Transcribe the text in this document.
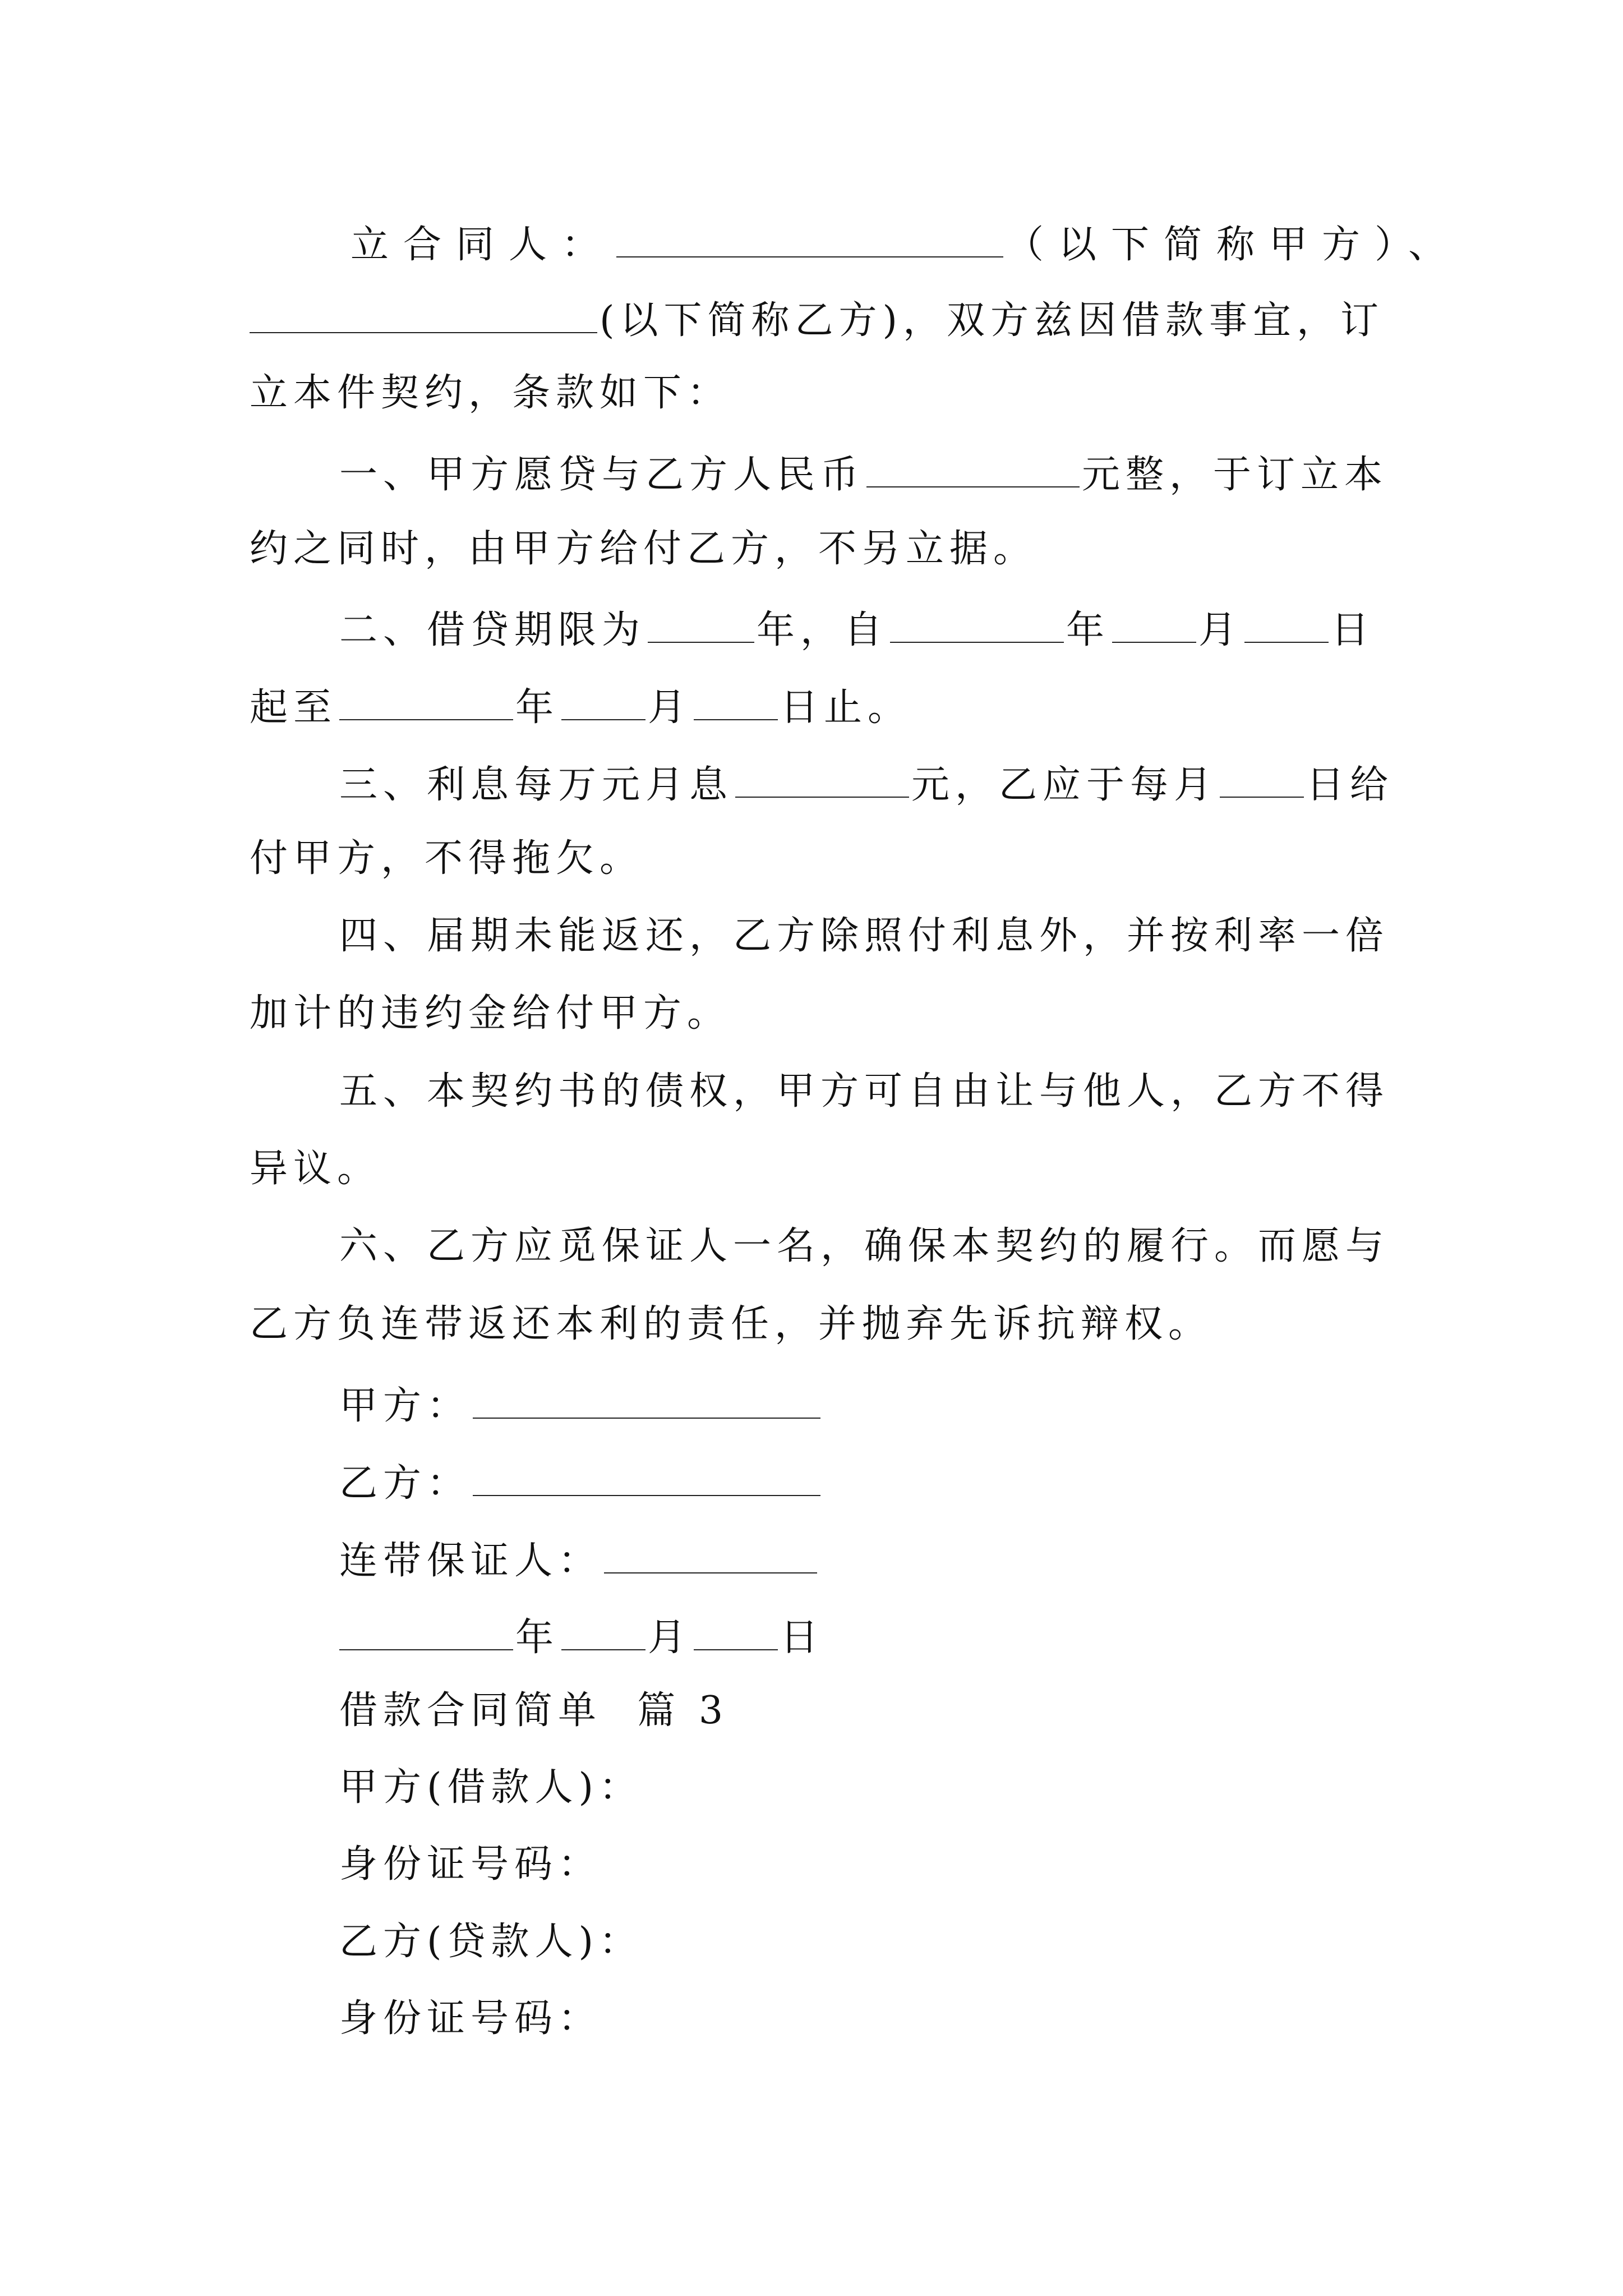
立合同人：	（以下简称甲方）、
(以下简称乙方)，双方兹因借款事宜，订
立本件契约，条款如下：
一、甲方愿贷与乙方人民币	元整，于订立本
约之同时，由甲方给付乙方，不另立据。
二、借贷期限为	年，自	年 月 日
起至	年 月 日止。
三、利息每万元月息	元，乙应于每月 日给
付甲方，不得拖欠。
四、届期未能返还，乙方除照付利息外，并按利率一倍
加计的违约金给付甲方。
五、本契约书的债权，甲方可自由让与他人，乙方不得
异议。
六、乙方应觅保证人一名，确保本契约的履行。而愿与
乙方负连带返还本利的责任，并抛弃先诉抗辩权。
甲方：
乙方：
连带保证人：
年 月 日
借款合同简单  篇 3
甲方(借款人)：
身份证号码：
乙方(贷款人)：
身份证号码：
